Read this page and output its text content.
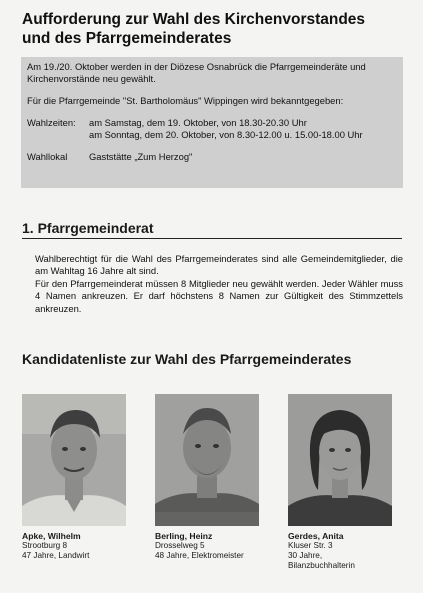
Aufforderung zur Wahl des Kirchenvorstandes
und des Pfarrgemeinderates

Am 19./20. Oktober werden in der Diözese Osnabrück die Pfarrgemeinderäte und Kirchenvorstände neu gewählt.

Für die Pfarrgemeinde "St. Bartholomäus" Wippingen wird bekanntgegeben:

Wahlzeiten:	am Samstag, dem 19. Oktober, von 18.30-20.30 Uhr
am Sonntag, dem 20. Oktober, von 8.30-12.00 u. 15.00-18.00 Uhr
Wahllokal	Gaststätte „Zum Herzog"
1. Pfarrgemeinderat

Wahlberechtigt für die Wahl des Pfarrgemeinderates sind alle Gemeindemitglieder, die am Wahltag 16 Jahre alt sind.

Für den Pfarrgemeinderat müssen 8 Mitglieder neu gewählt werden. Jeder Wähler muss 4 Namen ankreuzen. Er darf höchstens 8 Namen zur Gültigkeit des Stimmzettels ankreuzen.

Kandidatenliste zur Wahl des Pfarrgemeinderates
Apke, Wilhelm
Strootburg 8
47 Jahre, Landwirt
Berling, Heinz
Drosselweg 5
48 Jahre, Elektromeister
Gerdes, Anita
Kluser Str. 3
30 Jahre,
Bilanzbuchhalterin
